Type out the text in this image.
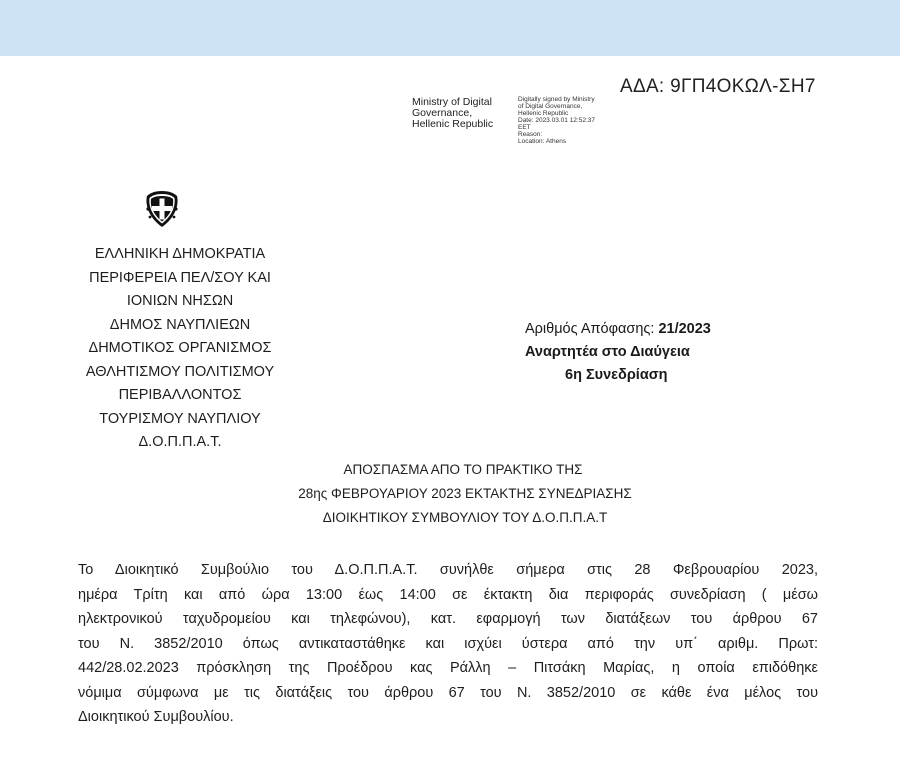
ΑΔΑ: 9ΓΠ4ΟΚΩΛ-ΣΗ7
Ministry of Digital
Governance,
Hellenic Republic
Digitally signed by Ministry
of Digital Governance,
Hellenic Republic
Date: 2023.03.01 12:52:37
EET
Reason:
Location: Athens
ΕΛΛΗΝΙΚΗ ΔΗΜΟΚΡΑΤΙΑ
ΠΕΡΙΦΕΡΕΙΑ ΠΕΛ/ΣΟΥ ΚΑΙ
ΙΟΝΙΩΝ ΝΗΣΩΝ
ΔΗΜΟΣ ΝΑΥΠΛΙΕΩΝ
ΔΗΜΟΤΙΚΟΣ ΟΡΓΑΝΙΣΜΟΣ
ΑΘΛΗΤΙΣΜΟΥ ΠΟΛΙΤΙΣΜΟΥ
ΠΕΡΙΒΑΛΛΟΝΤΟΣ
ΤΟΥΡΙΣΜΟΥ ΝΑΥΠΛΙΟΥ
Δ.Ο.Π.Π.Α.Τ.
Αριθμός Απόφασης: 21/2023
Αναρτητέα στο Διαύγεια
6η Συνεδρίαση
ΑΠΟΣΠΑΣΜΑ ΑΠΟ ΤΟ ΠΡΑΚΤΙΚΟ ΤΗΣ
28ης ΦΕΒΡΟΥΑΡΙΟΥ 2023 ΕΚΤΑΚΤΗΣ ΣΥΝΕΔΡΙΑΣΗΣ
ΔΙΟΙΚΗΤΙΚΟΥ ΣΥΜΒΟΥΛΙΟΥ ΤΟΥ Δ.Ο.Π.Π.Α.Τ
Το Διοικητικό Συμβούλιο του Δ.Ο.Π.Π.Α.Τ. συνήλθε σήμερα στις 28 Φεβρουαρίου 2023,
ημέρα Τρίτη και από ώρα 13:00 έως 14:00 σε έκτακτη δια περιφοράς συνεδρίαση ( μέσω
ηλεκτρονικού ταχυδρομείου και τηλεφώνου), κατ. εφαρμογή των διατάξεων του άρθρου 67
του Ν. 3852/2010 όπως αντικαταστάθηκε και ισχύει ύστερα από την υπ΄ αριθμ. Πρωτ:
442/28.02.2023 πρόσκληση της Προέδρου κας Ράλλη – Πιτσάκη Μαρίας, η οποία επιδόθηκε
νόμιμα σύμφωνα με τις διατάξεις του άρθρου 67 του Ν. 3852/2010 σε κάθε ένα μέλος του
Διοικητικού Συμβουλίου.
